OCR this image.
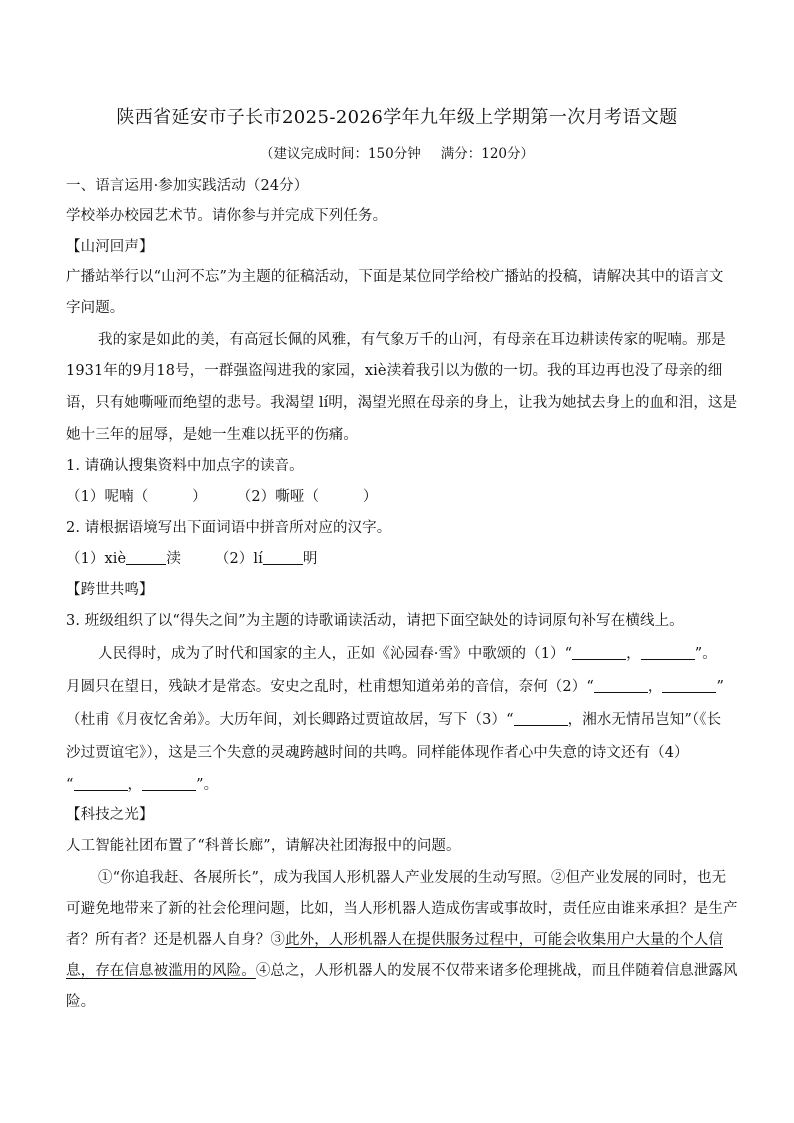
陕西省延安市子长市2025-2026学年九年级上学期第一次月考语文题
（建议完成时间：150分钟 满分：120分）
一、语言运用·参加实践活动（24分）
学校举办校园艺术节。请你参与并完成下列任务。
【山河回声】
广播站举行以“山河不忘”为主题的征稿活动，下面是某位同学给校广播站的投稿，请解决其中的语言文
字问题。
我的家是如此的美，有高冠长佩的风雅，有气象万千的山河，有母亲在耳边耕读传家的呢喃。那是
1931年的9月18号，一群强盗闯进我的家园，xiè渎着我引以为傲的一切。我的耳边再也没了母亲的细
语，只有她嘶哑而绝望的悲号。我渴望 lí明，渴望光照在母亲的身上，让我为她拭去身上的血和泪，这是
她十三年的屈辱，是她一生难以抚平的伤痛。
1. 请确认搜集资料中加点字的读音。
（1）呢喃（　　　） （2）嘶哑（　　　）
2. 请根据语境写出下面词语中拼音所对应的汉字。
（1）xiè	渎 （2）lí	明
【跨世共鸣】
3. 班级组织了以“得失之间”为主题的诗歌诵读活动，请把下面空缺处的诗词原句补写在横线上。
人民得时，成为了时代和国家的主人，正如《沁园春·雪》中歌颂的（1）“	，	”。
月圆只在望日，残缺才是常态。安史之乱时，杜甫想知道弟弟的音信，奈何（2）“	，	”
（杜甫《月夜忆舍弟》。大历年间，刘长卿路过贾谊故居，写下（3）“	，湘水无情吊岂知”（《长
沙过贾谊宅》），这是三个失意的灵魂跨越时间的共鸣。同样能体现作者心中失意的诗文还有（4）
“	，	”。
【科技之光】
人工智能社团布置了“科普长廊”，请解决社团海报中的问题。
①“你追我赶、各展所长”，成为我国人形机器人产业发展的生动写照。②但产业发展的同时，也无
可避免地带来了新的社会伦理问题，比如，当人形机器人造成伤害或事故时，责任应由谁来承担？是生产
者？所有者？还是机器人自身？③此外，人形机器人在提供服务过程中，可能会收集用户大量的个人信
息，存在信息被滥用的风险。④总之，人形机器人的发展不仅带来诸多伦理挑战，而且伴随着信息泄露风
险。
